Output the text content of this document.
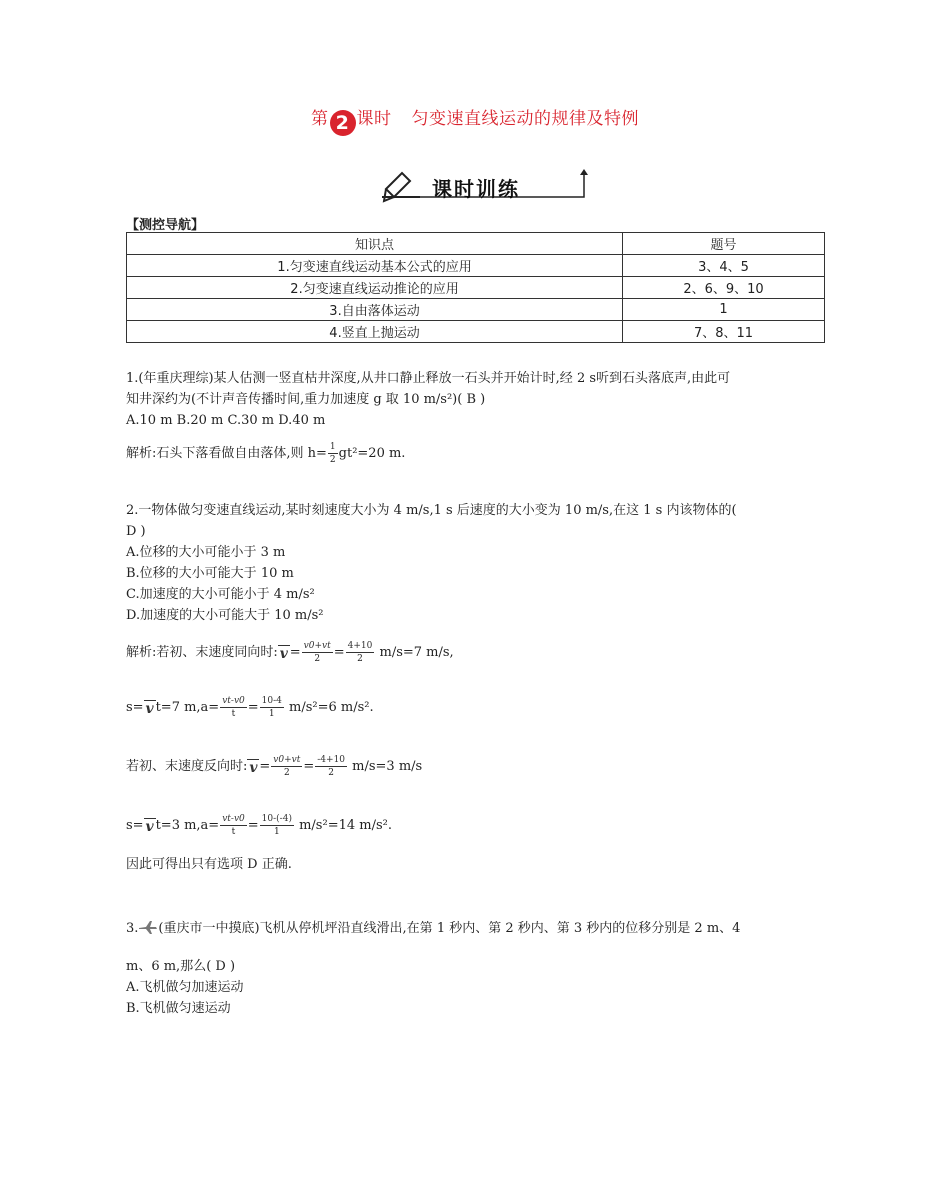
第 2 课时 匀变速直线运动的规律及特例
课时训练
【测控导航】
知识点	题号
1.匀变速直线运动基本公式的应用	3、4、5
2.匀变速直线运动推论的应用	2、6、9、10
3.自由落体运动	1
4.竖直上抛运动	7、8、11
1.(年重庆理综)某人估测一竖直枯井深度,从井口静止释放一石头并开始计时,经 2 s听到石头落底声,由此可
知井深约为(不计声音传播时间,重力加速度 g 取 10 m/s²)( B )
A.10 m B.20 m C.30 m D.40 m
解析:石头下落看做自由落体,则 $h= \frac{1}{2} gt^2=20$ m.
2.一物体做匀变速直线运动,某时刻速度大小为 4 m/s,1 s 后速度的大小变为 10 m/s,在这 1 s 内该物体的(
D )
A.位移的大小可能小于 3 m
B.位移的大小可能大于 10 m
C.加速度的大小可能小于 4 m/s²
D.加速度的大小可能大于 10 m/s²
解析:若初、末速度同向时: $v = \frac{v0+vt}{2} = \frac{4+10}{2} m/s=7$ m/s,
s= v t=7 $m,a= \frac{vt-v0}{t} = \frac{10-4}{1} m/s^2=6$ m/s².
若初、末速度反向时: $v = \frac{v0+vt}{2} = \frac{-4+10}{2} m/s=3$ m/s
s= v t=3 $m,a= \frac{vt-v0}{t} = \frac{10-(-4)}{1} m/s^2=14$ m/s².
因此可得出只有选项 D 正确.
3. (重庆市一中摸底)飞机从停机坪沿直线滑出,在第 1 秒内、第 2 秒内、第 3 秒内的位移分别是 2 m、4
m、6 m,那么( D )
A.飞机做匀加速运动
B.飞机做匀速运动
